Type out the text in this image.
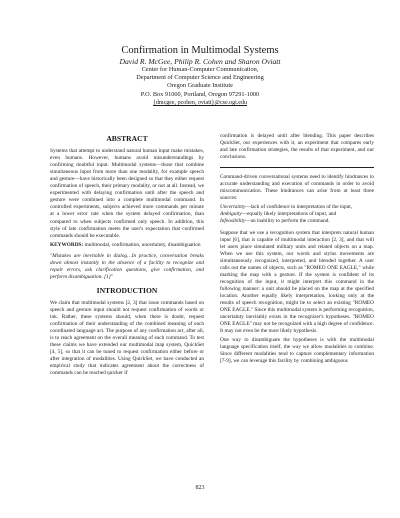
Confirmation in Multimodal Systems
David R. McGee, Philip R. Cohen and Sharon Oviatt
Center for Human-Computer Communication,
Department of Computer Science and Engineering
Oregon Graduate Institute
P.O. Box 91000, Portland, Oregon 97291-1000
{dmcgee, pcohen, oviatt}@cse.ogi.edu
ABSTRACT

Systems that attempt to understand natural human input make mistakes, even humans. However, humans avoid misunderstandings by confirming doubtful input. Multimodal systems—those that combine simultaneous input from more than one modality, for example speech and gesture—have historically been designed so that they either request confirmation of speech, their primary modality, or not at all. Instead, we experimented with delaying confirmation until after the speech and gesture were combined into a complete multimodal command. In controlled experiments, subjects achieved more commands per minute at a lower error rate when the system delayed confirmation, than compared to when subjects confirmed only speech. In addition, this style of late confirmation meets the user's expectation that confirmed commands should be executable.

KEYWORDS: multimodal, confirmation, uncertainty, disambiguation

"Mistakes are inevitable in dialog…In practice, conversation breaks down almost instantly in the absence of a facility to recognize and repair errors, ask clarification questions, give confirmation, and perform disambiguation. [1]"

INTRODUCTION

We claim that multimodal systems [2, 3] that issue commands based on speech and gesture input should not request confirmation of words or ink. Rather, these systems should, when there is doubt, request confirmation of their understanding of the combined meaning of each coordinated language act. The purpose of any confirmation act, after all, is to reach agreement on the overall meaning of each command. To test these claims we have extended our multimodal map system, QuickSet [4, 5], so that it can be tuned to request confirmation either before or after integration of modalities. Using QuickSet, we have conducted an empirical study that indicates agreement about the correctness of commands can be reached quicker if

confirmation is delayed until after blending. This paper describes QuickSet, our experiences with it, an experiment that compares early and late confirmation strategies, the results of that experiment, and our conclusions.

Command-driven conversational systems need to identify hindrances to accurate understanding and execution of commands in order to avoid miscommunication. These hindrances can arise from at least three sources:

Uncertainty—lack of confidence in interpretation of the input,

Ambiguity—equally likely interpretations of input, and

Infeasibility—an inability to perform the command.

Suppose that we use a recognition system that interprets natural human input [6], that is capable of multimodal interaction [2, 3], and that will let users place simulated military units and related objects on a map. When we use this system, our words and stylus movements are simultaneously recognized, interpreted, and blended together. A user calls out the names of objects, such as "ROMEO ONE EAGLE," while marking the map with a gesture. If the system is confident of its recognition of the input, it might interpret this command in the following manner: a unit should be placed on the map at the specified location. Another equally likely interpretation, looking only at the results of speech recognition, might be to select an existing "ROMEO ONE EAGLE." Since this multimodal system is performing recognition, uncertainty inevitably exists in the recognizer's hypotheses. "ROMEO ONE EAGLE" may not be recognized with a high degree of confidence. It may not even be the most likely hypothesis.

One way to disambiguate the hypotheses is with the multimodal language specification itself, the way we allow modalities to combine. Since different modalities tend to capture complementary information [7-9], we can leverage this facility by combining ambiguous

823
